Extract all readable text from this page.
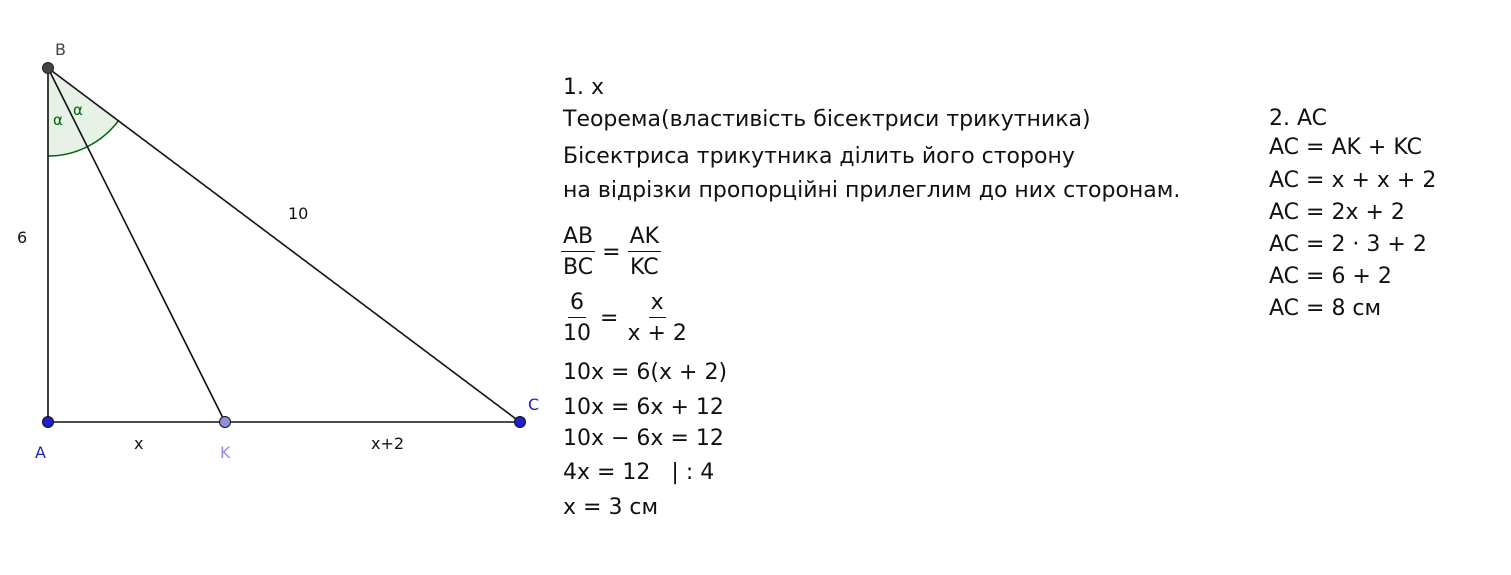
B
A	K
C
6
10
x	x+2
α
α
1. x
Теорема(властивість бісектриси трикутника)
Бісектриса трикутника ділить його сторону
на відрізки пропорційні прилеглим до них сторонам.
$\frac{AB}{BC} = \frac{AK}{KC}$
$\frac{6}{10} = \frac{x}{x + 2}$
10x = 6(x + 2)
10x = 6x + 12
10x − 6x = 12
4x = 12   | : 4
x = 3 см
2. AC
AC = AK + KC
AC = x + x + 2
AC = 2x + 2
AC = 2 · 3 + 2
AC = 6 + 2
AC = 8 см
